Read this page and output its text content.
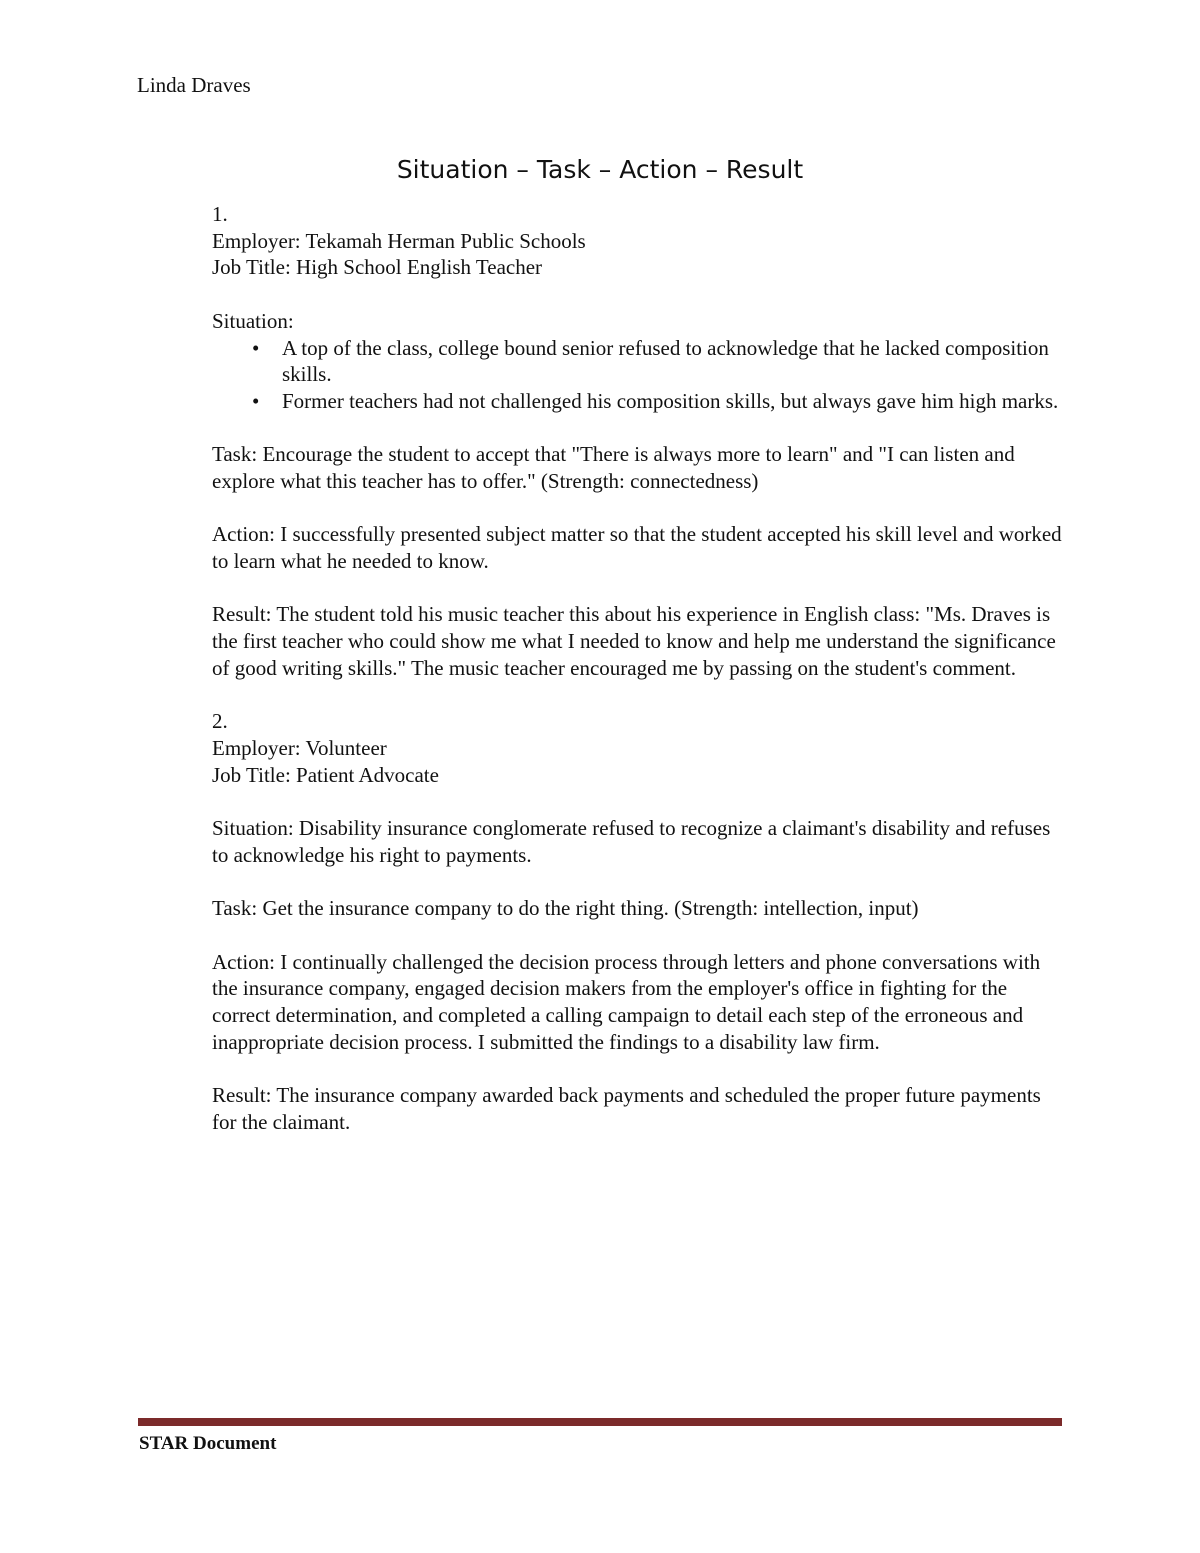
Linda Draves
Situation – Task – Action – Result

1.

Employer: Tekamah Herman Public Schools

Job Title: High School English Teacher

Situation:

• A top of the class, college bound senior refused to acknowledge that he lacked composition skills.
• Former teachers had not challenged his composition skills, but always gave him high marks.

Task: Encourage the student to accept that "There is always more to learn" and "I can listen and explore what this teacher has to offer." (Strength: connectedness)

Action: I successfully presented subject matter so that the student accepted his skill level and worked to learn what he needed to know.

Result: The student told his music teacher this about his experience in English class: "Ms. Draves is the first teacher who could show me what I needed to know and help me understand the significance of good writing skills." The music teacher encouraged me by passing on the student's comment.

2.

Employer: Volunteer

Job Title: Patient Advocate

Situation: Disability insurance conglomerate refused to recognize a claimant's disability and refuses to acknowledge his right to payments.

Task: Get the insurance company to do the right thing. (Strength: intellection, input)

Action: I continually challenged the decision process through letters and phone conversations with the insurance company, engaged decision makers from the employer's office in fighting for the correct determination, and completed a calling campaign to detail each step of the erroneous and inappropriate decision process. I submitted the findings to a disability law firm.

Result: The insurance company awarded back payments and scheduled the proper future payments for the claimant.

STAR Document
